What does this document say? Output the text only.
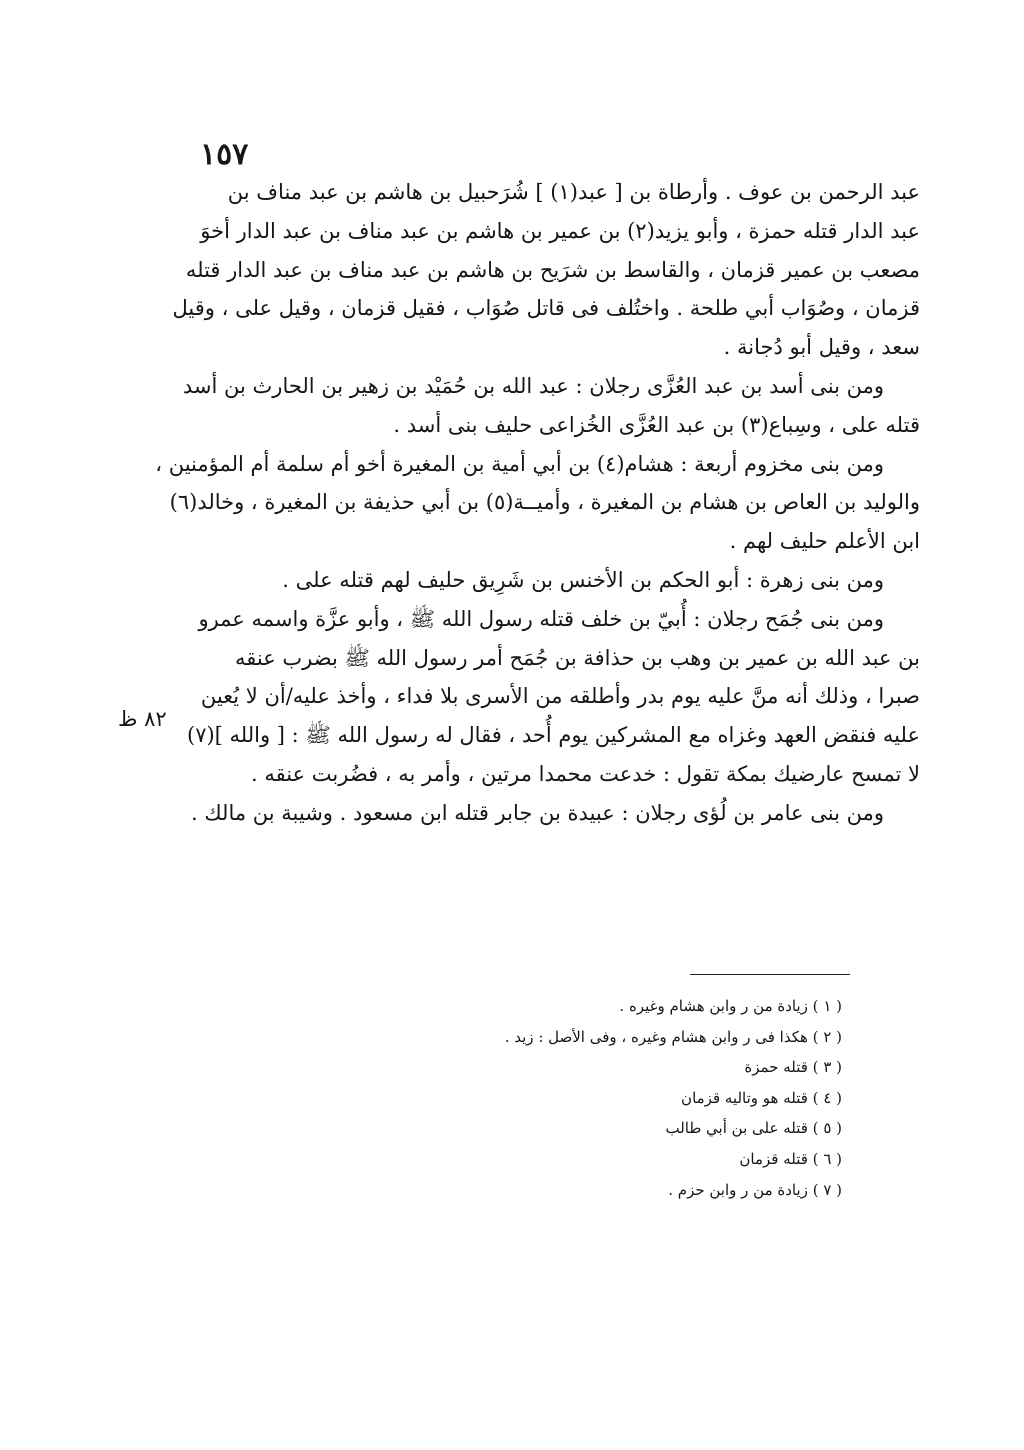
١٥٧
٨٢ ظ
عبد الرحمن بن عوف . وأرطاة بن [ عبد(١) ] شُرَحبيل بن هاشم بن عبد مناف بن
عبد الدار قتله حمزة ، وأبو يزيد(٢) بن عمير بن هاشم بن عبد مناف بن عبد الدار أخوَ
مصعب بن عمير قزمان ، والقاسط بن شرَيح بن هاشم بن عبد مناف بن عبد الدار قتله
قزمان ، وصُوَاب أبي طلحة . واختُلف فى قاتل صُوَاب ، فقيل قزمان ، وقيل على ، وقيل
سعد ، وقيل أبو دُجانة .
ومن بنى أسد بن عبد العُزَّى رجلان : عبد الله بن حُمَيْد بن زهير بن الحارث بن أسد
قتله على ، وسِباع(٣) بن عبد العُزَّى الخُزاعى حليف بنى أسد .
ومن بنى مخزوم أربعة : هشام(٤) بن أبي أمية بن المغيرة أخو أم سلمة أم المؤمنين ،
والوليد بن العاص بن هشام بن المغيرة ، وأميــة(٥) بن أبي حذيفة بن المغيرة ، وخالد(٦)
ابن الأعلم حليف لهم .
ومن بنى زهرة : أبو الحكم بن الأخنس بن شَرِيق حليف لهم قتله على .
ومن بنى جُمَح رجلان : أُبيّ بن خلف قتله رسول الله ﷺ ، وأبو عزَّة واسمه عمرو
بن عبد الله بن عمير بن وهب بن حذافة بن جُمَح أمر رسول الله ﷺ بضرب عنقه
صبرا ، وذلك أنه منَّ عليه يوم بدر وأطلقه من الأسرى بلا فداء ، وأخذ عليه/أن لا يُعين
عليه فنقض العهد وغزاه مع المشركين يوم أُحد ، فقال له رسول الله ﷺ : [ والله ](٧)
لا تمسح عارضيك بمكة تقول : خدعت محمدا مرتين ، وأمر به ، فضُربت عنقه .
ومن بنى عامر بن لُؤى رجلان : عبيدة بن جابر قتله ابن مسعود . وشيبة بن مالك .
( ١ ) زيادة من ر وابن هشام وغيره .
( ٢ ) هكذا فى ر وابن هشام وغيره ، وفى الأصل : زيد .
( ٣ ) قتله حمزة
( ٤ ) قتله هو وتاليه قزمان
( ٥ ) قتله على بن أبي طالب
( ٦ ) قتله قزمان
( ٧ ) زيادة من ر وابن حزم .
